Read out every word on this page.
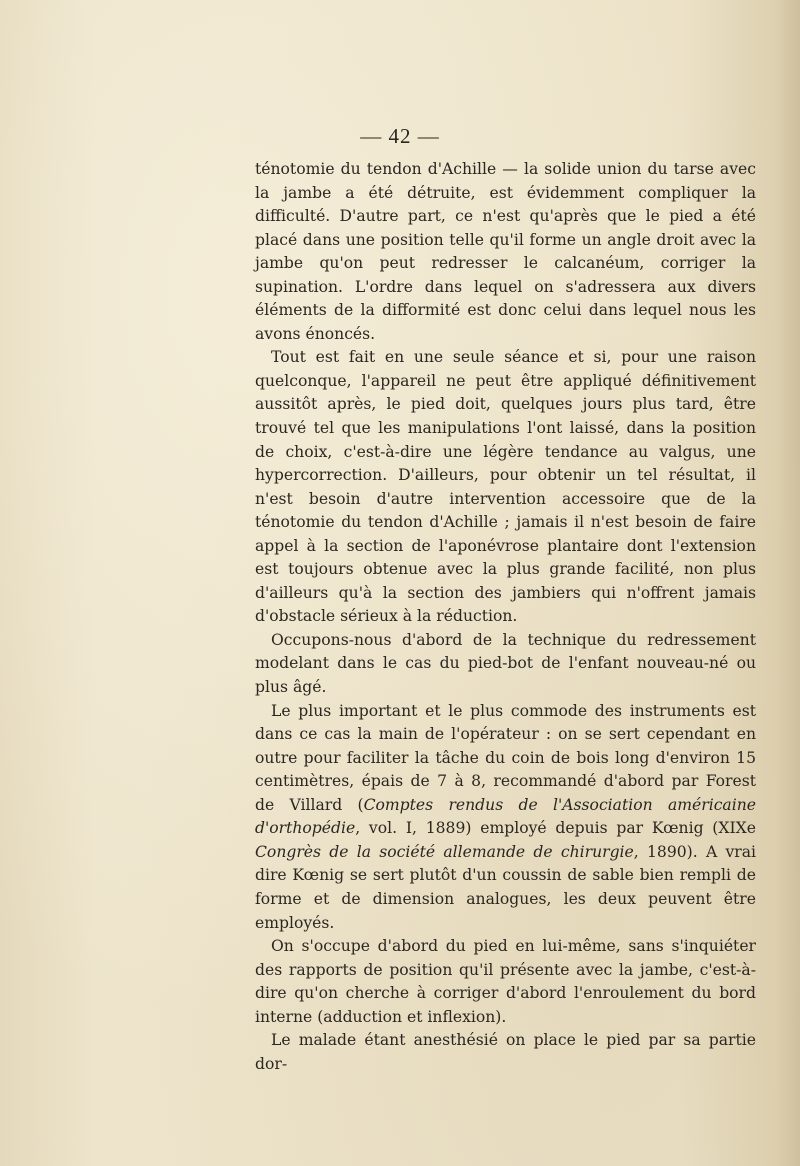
— 42 —

ténotomie du tendon d'Achille — la solide union du tarse avec la jambe a été détruite, est évidemment compliquer la difficulté. D'autre part, ce n'est qu'après que le pied a été placé dans une position telle qu'il forme un angle droit avec la jambe qu'on peut redresser le calcanéum, corriger la supination. L'ordre dans lequel on s'adressera aux divers éléments de la difformité est donc celui dans lequel nous les avons énoncés.

Tout est fait en une seule séance et si, pour une raison quelconque, l'appareil ne peut être appliqué définitivement aussitôt après, le pied doit, quelques jours plus tard, être trouvé tel que les manipulations l'ont laissé, dans la position de choix, c'est-à-dire une légère tendance au valgus, une hypercorrection. D'ailleurs, pour obtenir un tel résultat, il n'est besoin d'autre intervention accessoire que de la ténotomie du tendon d'Achille ; jamais il n'est besoin de faire appel à la section de l'aponévrose plantaire dont l'extension est toujours obtenue avec la plus grande facilité, non plus d'ailleurs qu'à la section des jambiers qui n'offrent jamais d'obstacle sérieux à la réduction.

Occupons-nous d'abord de la technique du redressement modelant dans le cas du pied-bot de l'enfant nouveau-né ou plus âgé.

Le plus important et le plus commode des instruments est dans ce cas la main de l'opérateur : on se sert cependant en outre pour faciliter la tâche du coin de bois long d'environ 15 centimètres, épais de 7 à 8, recommandé d'abord par Forest de Villard (Comptes rendus de l'Association américaine d'orthopédie, vol. I, 1889) employé depuis par Kœnig (XIXe Congrès de la société allemande de chirurgie, 1890). A vrai dire Kœnig se sert plutôt d'un coussin de sable bien rempli de forme et de dimension analogues, les deux peuvent être employés.

On s'occupe d'abord du pied en lui-même, sans s'inquiéter des rapports de position qu'il présente avec la jambe, c'est-à-dire qu'on cherche à corriger d'abord l'enroulement du bord interne (adduction et inflexion).

Le malade étant anesthésié on place le pied par sa partie dor-
